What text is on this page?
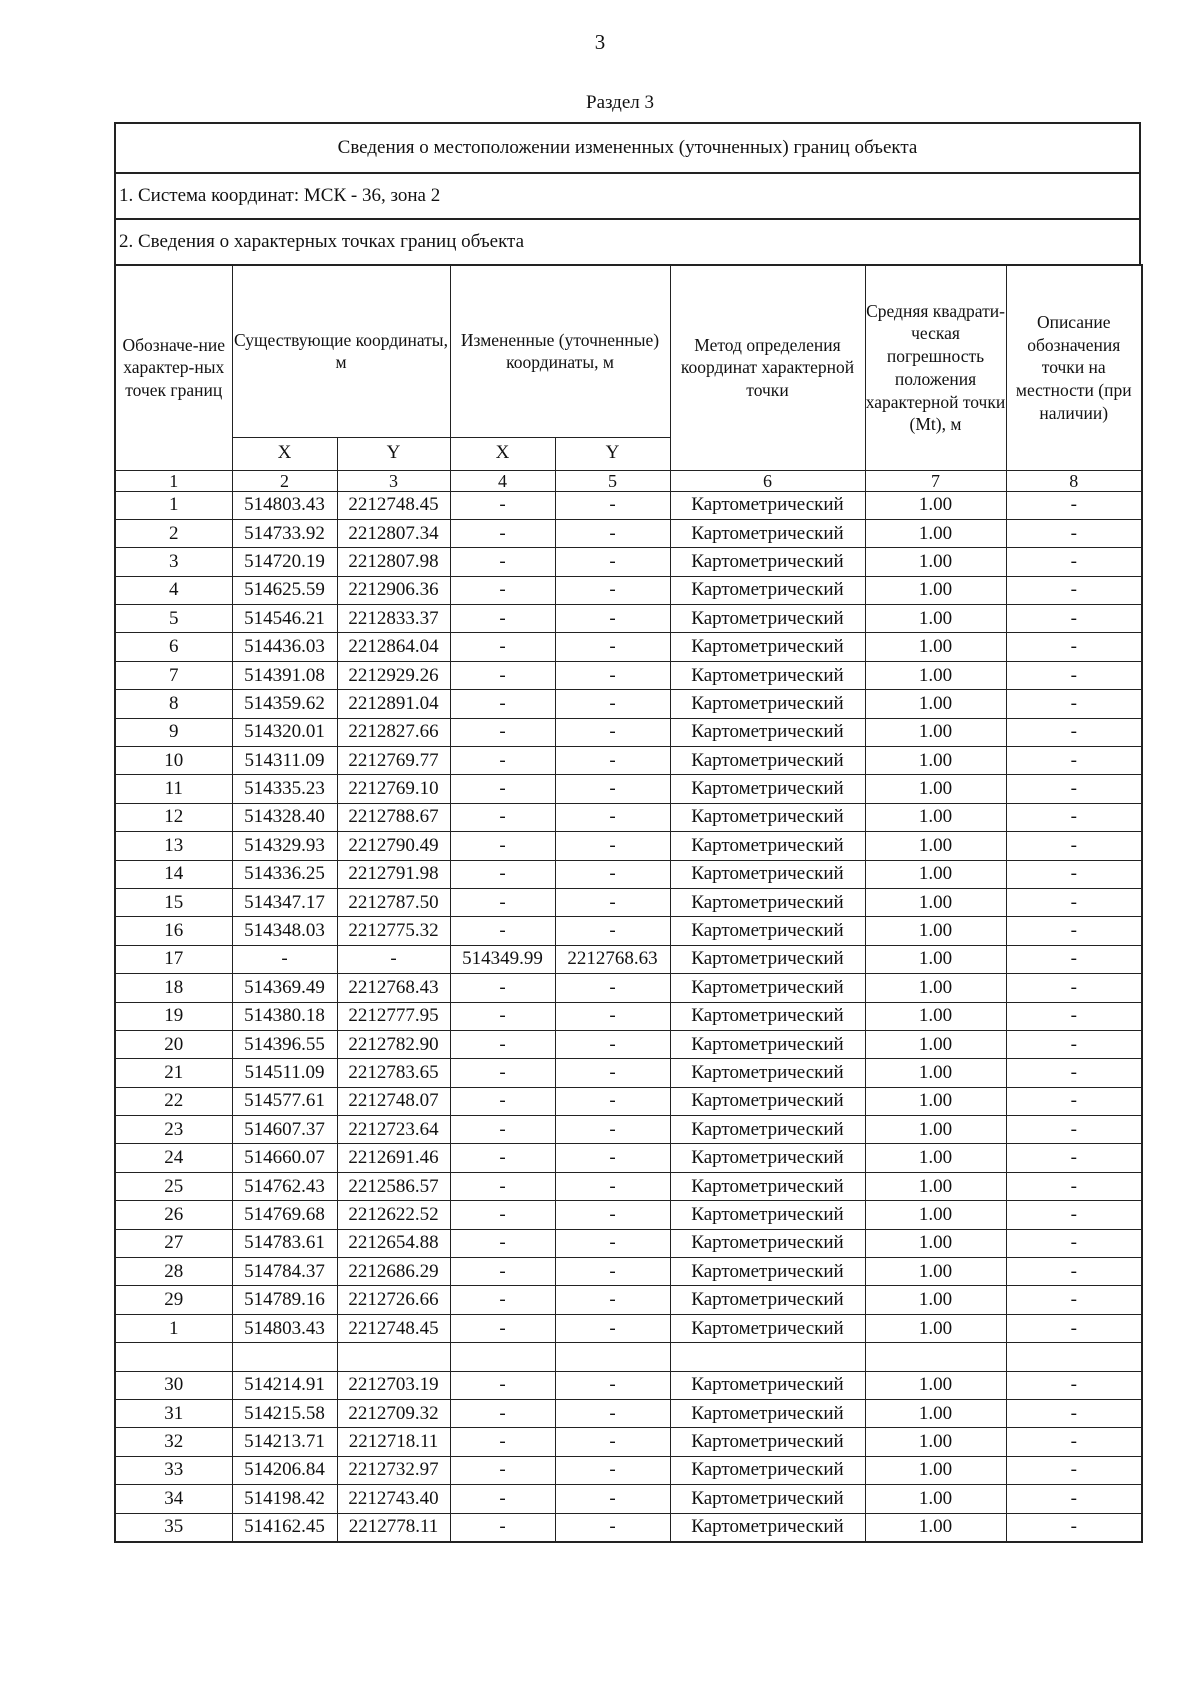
3
Раздел 3
Сведения о местоположении измененных (уточненных) границ объекта
1. Система координат: МСК - 36, зона 2
2. Сведения о характерных точках границ объекта
Обозначе-ние характер-ных точек границ	Существующие координаты, м		Измененные (уточненные) координаты, м		Метод определения координат характерной точки	Средняя квадрати-ческая погрешность положения характерной точки (Mt), м	Описание обозначения точки на местности (при наличии)
	X	Y	X	Y			
1	2	3	4	5	6	7	8
1	514803.43	2212748.45	-	-	Картометрический	1.00	-
2	514733.92	2212807.34	-	-	Картометрический	1.00	-
3	514720.19	2212807.98	-	-	Картометрический	1.00	-
4	514625.59	2212906.36	-	-	Картометрический	1.00	-
5	514546.21	2212833.37	-	-	Картометрический	1.00	-
6	514436.03	2212864.04	-	-	Картометрический	1.00	-
7	514391.08	2212929.26	-	-	Картометрический	1.00	-
8	514359.62	2212891.04	-	-	Картометрический	1.00	-
9	514320.01	2212827.66	-	-	Картометрический	1.00	-
10	514311.09	2212769.77	-	-	Картометрический	1.00	-
11	514335.23	2212769.10	-	-	Картометрический	1.00	-
12	514328.40	2212788.67	-	-	Картометрический	1.00	-
13	514329.93	2212790.49	-	-	Картометрический	1.00	-
14	514336.25	2212791.98	-	-	Картометрический	1.00	-
15	514347.17	2212787.50	-	-	Картометрический	1.00	-
16	514348.03	2212775.32	-	-	Картометрический	1.00	-
17	-	-	514349.99	2212768.63	Картометрический	1.00	-
18	514369.49	2212768.43	-	-	Картометрический	1.00	-
19	514380.18	2212777.95	-	-	Картометрический	1.00	-
20	514396.55	2212782.90	-	-	Картометрический	1.00	-
21	514511.09	2212783.65	-	-	Картометрический	1.00	-
22	514577.61	2212748.07	-	-	Картометрический	1.00	-
23	514607.37	2212723.64	-	-	Картометрический	1.00	-
24	514660.07	2212691.46	-	-	Картометрический	1.00	-
25	514762.43	2212586.57	-	-	Картометрический	1.00	-
26	514769.68	2212622.52	-	-	Картометрический	1.00	-
27	514783.61	2212654.88	-	-	Картометрический	1.00	-
28	514784.37	2212686.29	-	-	Картометрический	1.00	-
29	514789.16	2212726.66	-	-	Картометрический	1.00	-
1	514803.43	2212748.45	-	-	Картометрический	1.00	-

30	514214.91	2212703.19	-	-	Картометрический	1.00	-
31	514215.58	2212709.32	-	-	Картометрический	1.00	-
32	514213.71	2212718.11	-	-	Картометрический	1.00	-
33	514206.84	2212732.97	-	-	Картометрический	1.00	-
34	514198.42	2212743.40	-	-	Картометрический	1.00	-
35	514162.45	2212778.11	-	-	Картометрический	1.00	-
